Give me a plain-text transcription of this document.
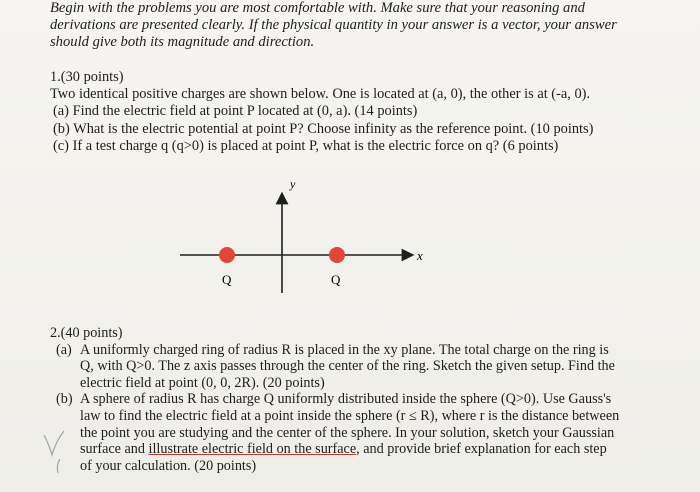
Begin with the problems you are most comfortable with. Make sure that your reasoning and
derivations are presented clearly. If the physical quantity in your answer is a vector, your answer
should give both its magnitude and direction.
1.(30 points)
Two identical positive charges are shown below. One is located at (a, 0), the other is at (-a, 0).
(a) Find the electric field at point P located at (0, a). (14 points)
(b) What is the electric potential at point P? Choose infinity as the reference point. (10 points)
(c) If a test charge q (q>0) is placed at point P, what is the electric force on q? (6 points)
x
y
Q	Q
2.(40 points)
(a) A uniformly charged ring of radius R is placed in the xy plane. The total charge on the ring is
Q, with Q>0. The z axis passes through the center of the ring. Sketch the given setup. Find the
electric field at point (0, 0, 2R). (20 points)
(b) A sphere of radius R has charge Q uniformly distributed inside the sphere (Q>0). Use Gauss's
law to find the electric field at a point inside the sphere (r ≤ R), where r is the distance between
the point you are studying and the center of the sphere. In your solution, sketch your Gaussian
surface and illustrate electric field on the surface, and provide brief explanation for each step
of your calculation. (20 points)
